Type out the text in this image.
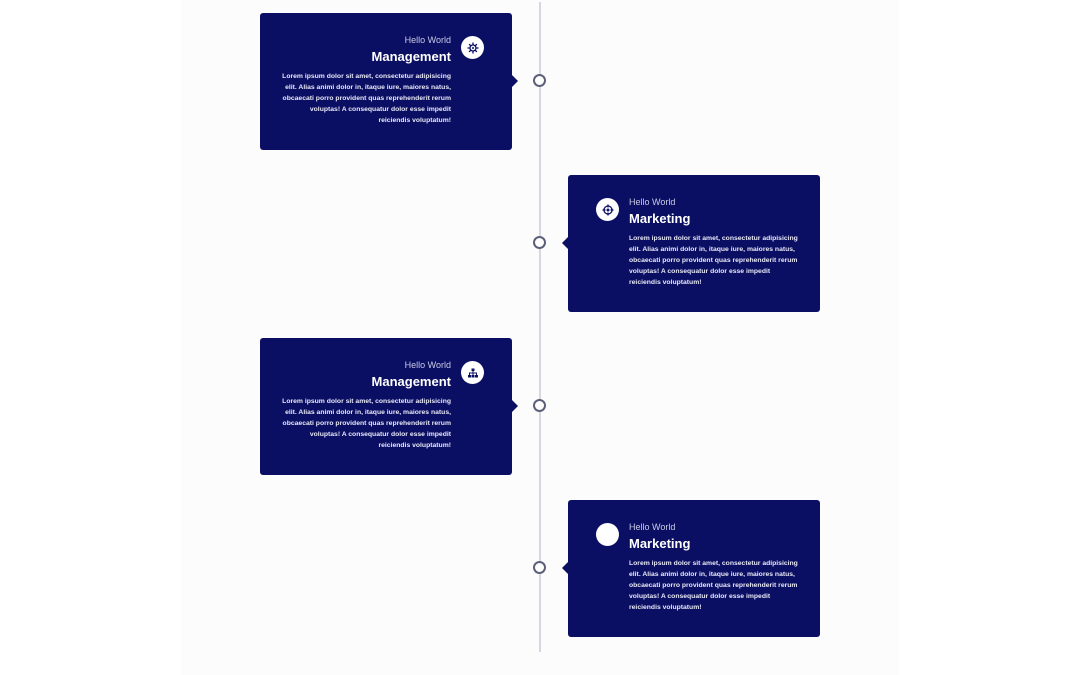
Hello World
Management
Lorem ipsum dolor sit amet, consectetur adipisicing elit. Alias animi dolor in, itaque iure, maiores natus, obcaecati porro provident quas reprehenderit rerum voluptas! A consequatur dolor esse impedit reiciendis voluptatum!
Hello World
Marketing
Lorem ipsum dolor sit amet, consectetur adipisicing elit. Alias animi dolor in, itaque iure, maiores natus, obcaecati porro provident quas reprehenderit rerum voluptas! A consequatur dolor esse impedit reiciendis voluptatum!
Hello World
Management
Lorem ipsum dolor sit amet, consectetur adipisicing elit. Alias animi dolor in, itaque iure, maiores natus, obcaecati porro provident quas reprehenderit rerum voluptas! A consequatur dolor esse impedit reiciendis voluptatum!
Hello World
Marketing
Lorem ipsum dolor sit amet, consectetur adipisicing elit. Alias animi dolor in, itaque iure, maiores natus, obcaecati porro provident quas reprehenderit rerum voluptas! A consequatur dolor esse impedit reiciendis voluptatum!
